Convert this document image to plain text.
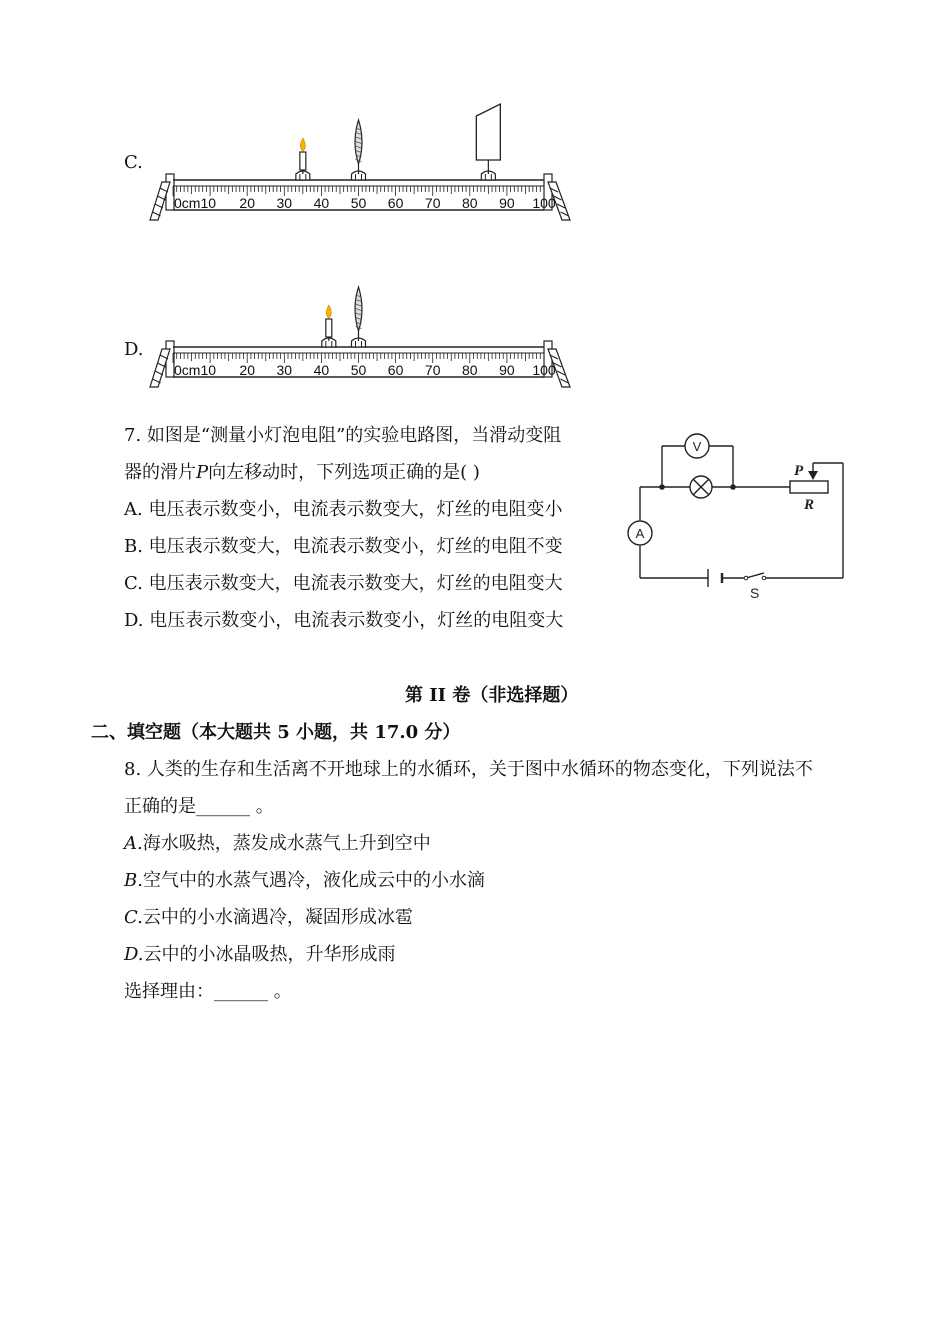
C.
0cm10 20 30 40 50 60 70 80 90 100
D.
0cm10 20 30 40 50 60 70 80 90 100
7. 如图是“测量小灯泡电阻”的实验电路图，当滑动变阻
器的滑片P向左移动时，下列选项正确的是( )
A. 电压表示数变小，电流表示数变大，灯丝的电阻变小
B. 电压表示数变大，电流表示数变小，灯丝的电阻不变
C. 电压表示数变大，电流表示数变大，灯丝的电阻变大
D. 电压表示数变小，电流表示数变小，灯丝的电阻变大
V
A
P
R
S
第 II 卷（非选择题）
二、填空题（本大题共 5 小题，共 17.0 分）
8. 人类的生存和生活离不开地球上的水循环，关于图中水循环的物态变化，下列说法不
正确的是______ 。
A.海水吸热，蒸发成水蒸气上升到空中
B.空气中的水蒸气遇冷，液化成云中的小水滴
C.云中的小水滴遇冷，凝固形成冰雹
D.云中的小冰晶吸热，升华形成雨
选择理由：______ 。
